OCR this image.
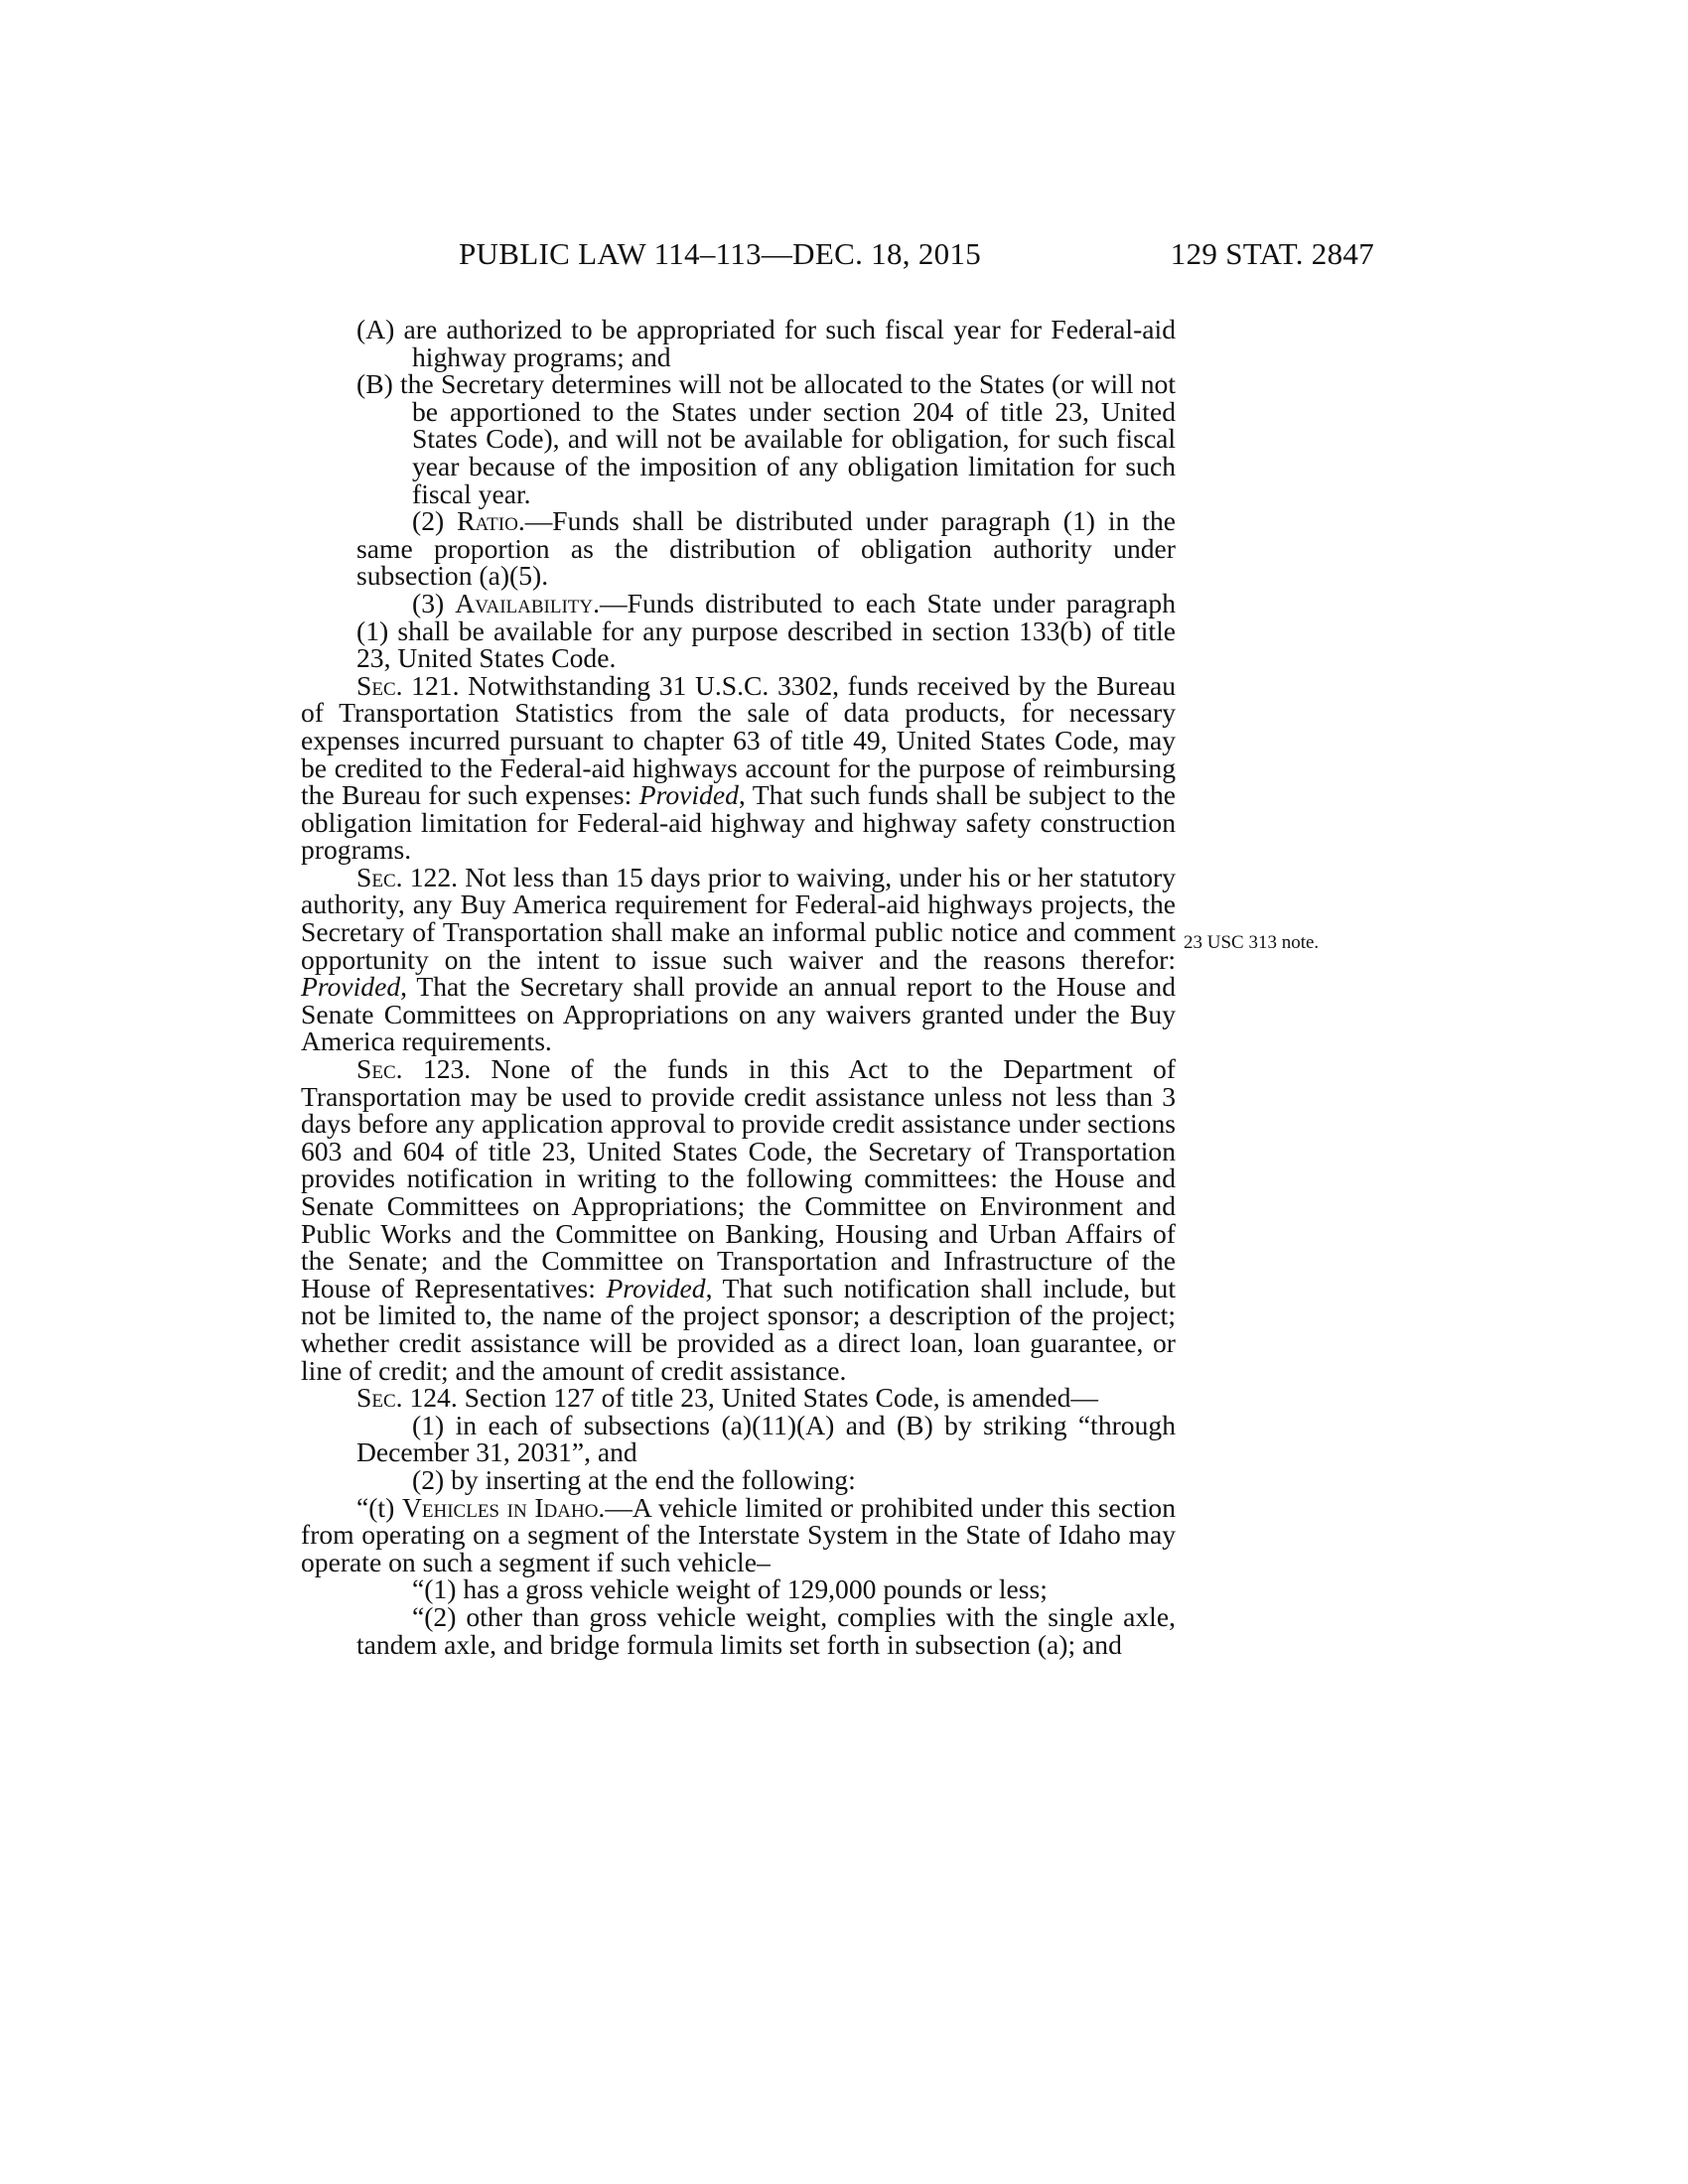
PUBLIC LAW 114–113—DEC. 18, 2015	129 STAT. 2847
23 USC 313 note.

(A) are authorized to be appropriated for such fiscal year for Federal-aid highway programs; and

(B) the Secretary determines will not be allocated to the States (or will not be apportioned to the States under section 204 of title 23, United States Code), and will not be available for obligation, for such fiscal year because of the imposition of any obligation limitation for such fiscal year.

(2) Ratio.—Funds shall be distributed under paragraph (1) in the same proportion as the distribution of obligation authority under subsection (a)(5).

(3) Availability.—Funds distributed to each State under paragraph (1) shall be available for any purpose described in section 133(b) of title 23, United States Code.

Sec. 121. Notwithstanding 31 U.S.C. 3302, funds received by the Bureau of Transportation Statistics from the sale of data products, for necessary expenses incurred pursuant to chapter 63 of title 49, United States Code, may be credited to the Federal-aid highways account for the purpose of reimbursing the Bureau for such expenses: Provided, That such funds shall be subject to the obligation limitation for Federal-aid highway and highway safety construction programs.

Sec. 122. Not less than 15 days prior to waiving, under his or her statutory authority, any Buy America requirement for Federal-aid highways projects, the Secretary of Transportation shall make an informal public notice and comment opportunity on the intent to issue such waiver and the reasons therefor: Provided, That the Secretary shall provide an annual report to the House and Senate Committees on Appropriations on any waivers granted under the Buy America requirements.

Sec. 123. None of the funds in this Act to the Department of Transportation may be used to provide credit assistance unless not less than 3 days before any application approval to provide credit assistance under sections 603 and 604 of title 23, United States Code, the Secretary of Transportation provides notification in writing to the following committees: the House and Senate Committees on Appropriations; the Committee on Environment and Public Works and the Committee on Banking, Housing and Urban Affairs of the Senate; and the Committee on Transportation and Infrastructure of the House of Representatives: Provided, That such notification shall include, but not be limited to, the name of the project sponsor; a description of the project; whether credit assistance will be provided as a direct loan, loan guarantee, or line of credit; and the amount of credit assistance.

Sec. 124. Section 127 of title 23, United States Code, is amended—

(1) in each of subsections (a)(11)(A) and (B) by striking “through December 31, 2031”, and

(2) by inserting at the end the following:

“(t) Vehicles in Idaho.—A vehicle limited or prohibited under this section from operating on a segment of the Interstate System in the State of Idaho may operate on such a segment if such vehicle–

“(1) has a gross vehicle weight of 129,000 pounds or less;

“(2) other than gross vehicle weight, complies with the single axle, tandem axle, and bridge formula limits set forth in subsection (a); and
